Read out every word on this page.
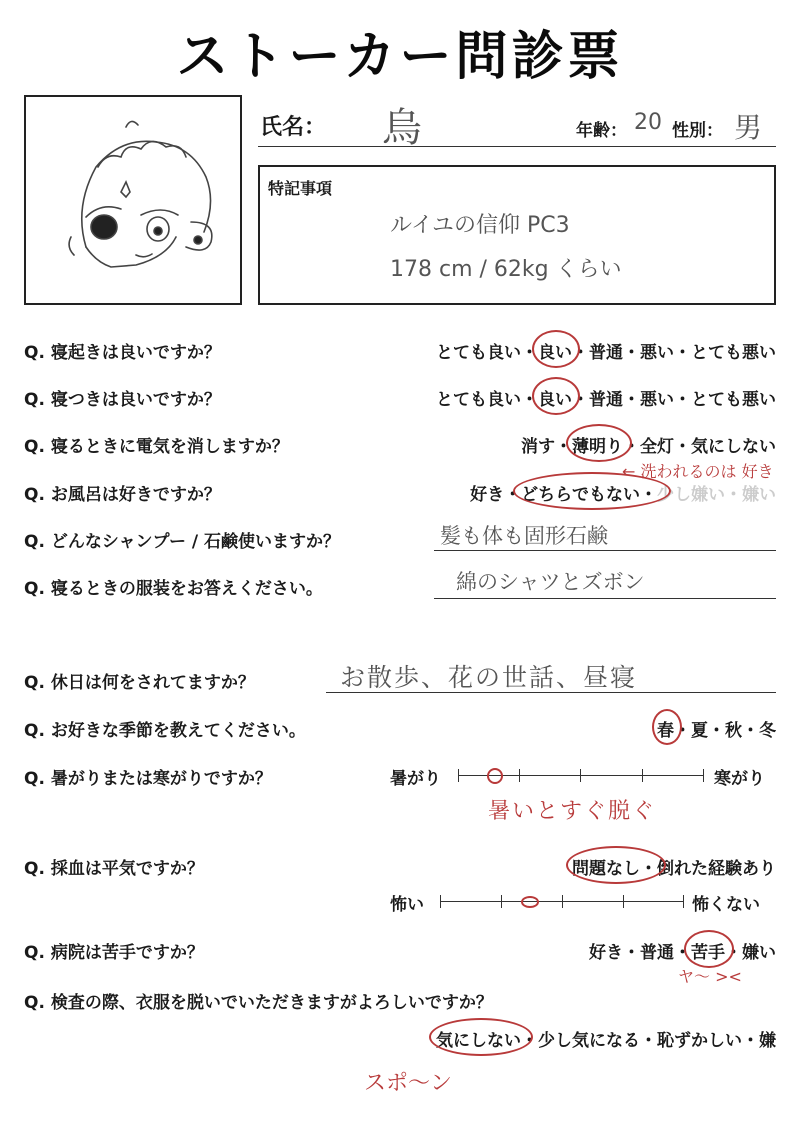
ストーカー問診票
氏名： 烏	年齢： 20 性別： 男
特記事項
ルイユの信仰 PC3
178 cm / 62kg くらい
Q. 寝起きは良いですか？	とても良い・良い
・普通・悪い・とても悪い
Q. 寝つきは良いですか？	とても良い・良い
・普通・悪い・とても悪い
Q. 寝るときに電気を消しますか？	消す・薄明り
・全灯・気にしない
Q. お風呂は好きですか？	好き・どちらでもない
・少し嫌い・嫌い
← 洗われるのは 好き
Q. どんなシャンプー / 石鹸使いますか？	髪も体も固形石鹸
Q. 寝るときの服装をお答えください。	綿のシャツとズボン
Q. 休日は何をされてますか？	お散歩、花の世話、昼寝
Q. お好きな季節を教えてください。	春
・夏・秋・冬
Q. 暑がりまたは寒がりですか？	暑がり	寒がり
暑いとすぐ脱ぐ
Q. 採血は平気ですか？	問題なし
・倒れた経験あり
怖い	怖くない
Q. 病院は苦手ですか？	好き・普通・苦手
・嫌い
ヤ～ ><
Q. 検査の際、衣服を脱いでいただきますがよろしいですか？
気にしない
・少し気になる・恥ずかしい・嫌
スポ～ン
